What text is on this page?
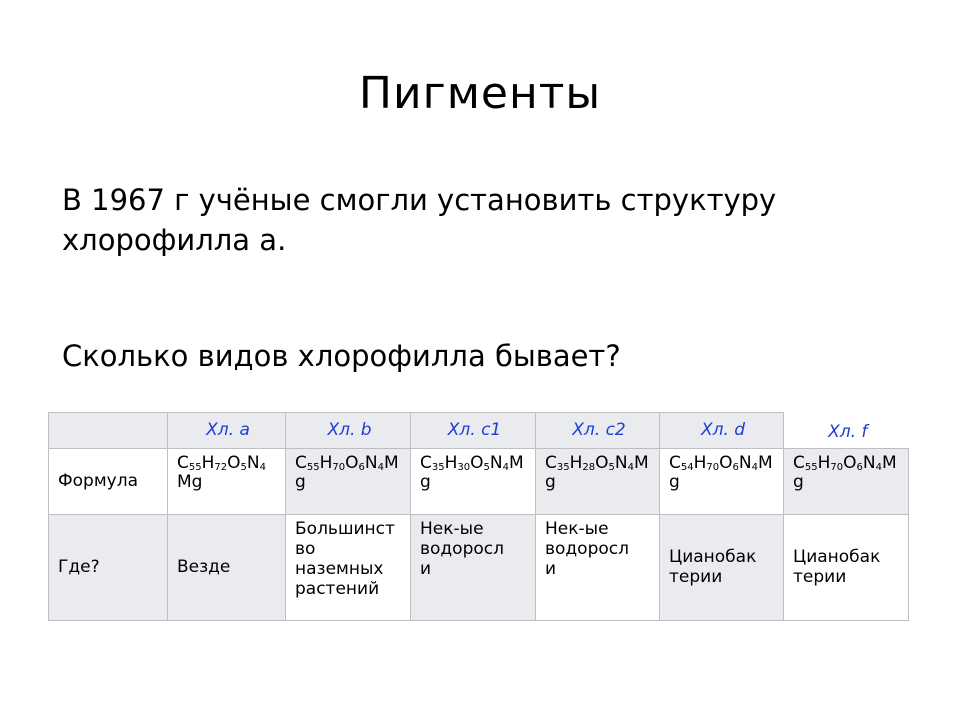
Пигменты
В 1967 г учёные смогли установить структуру хлорофилла а.
Сколько видов хлорофилла бывает?
	Хл. а	Хл. b	Хл. c1	Хл. c2	Хл. d	Хл. f
Формула	$C_{55}H_{72}O_5N_4Mg$	$C_{55}H_{70}O_6N_4Mg$	$C_{35}H_{30}O_5N_4Mg$	$C_{35}H_{28}O_5N_4Mg$	$C_{54}H_{70}O_6N_4Mg$	$C_{55}H_{70}O_6N_4Mg$

Где?	Везде	Большинст
во
наземных
растений	Нек-ые
водоросл
и	Нек-ые
водоросл
и	Цианобак
терии	Цианобак
терии
